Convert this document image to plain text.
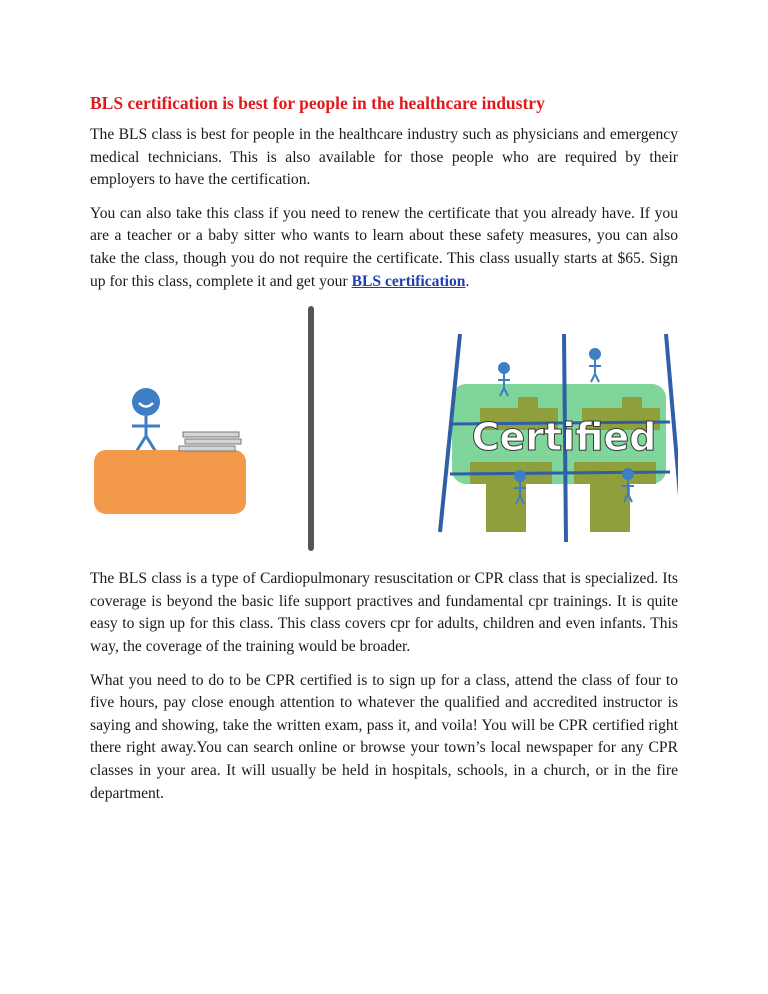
BLS certification is best for people in the healthcare industry

The BLS class is best for people in the healthcare industry such as physicians and emergency medical technicians. This is also available for those people who are required by their employers to have the certification.

You can also take this class if you need to renew the certificate that you already have. If you are a teacher or a baby sitter who wants to learn about these safety measures, you can also take the class, though you do not require the certificate. This class usually starts at $65. Sign up for this class, complete it and get your BLS certification.

Certified

The BLS class is a type of Cardiopulmonary resuscitation or CPR class that is specialized. Its coverage is beyond the basic life support practives and fundamental cpr trainings. It is quite easy to sign up for this class. This class covers cpr for adults, children and even infants. This way, the coverage of the training would be broader.

What you need to do to be CPR certified is to sign up for a class, attend the class of four to five hours, pay close enough attention to whatever the qualified and accredited instructor is saying and showing, take the written exam, pass it, and voila! You will be CPR certified right there right away.You can search online or browse your town’s local newspaper for any CPR classes in your area. It will usually be held in hospitals, schools, in a church, or in the fire department.
